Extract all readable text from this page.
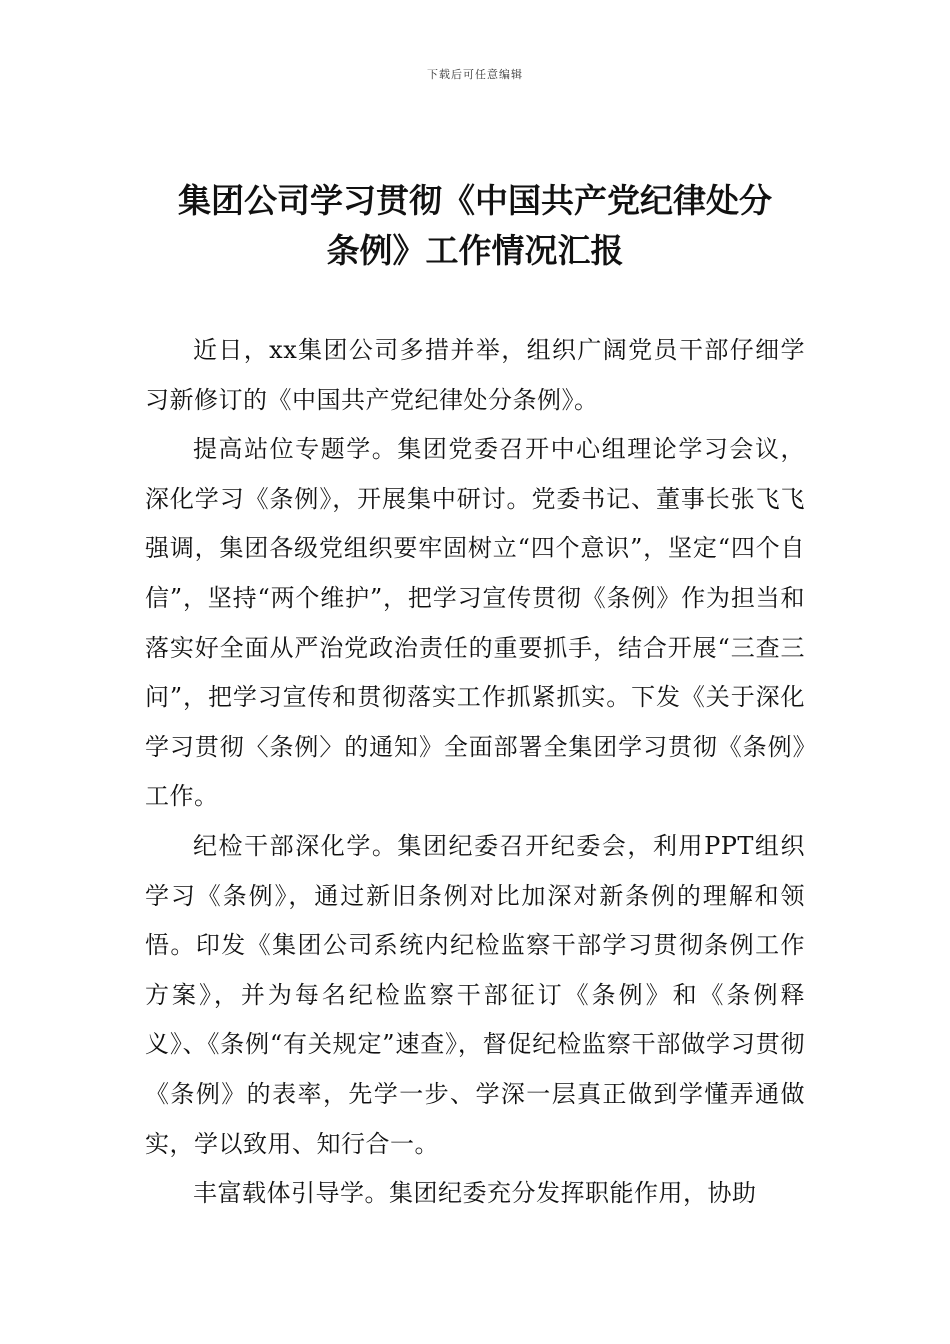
下载后可任意编辑
集团公司学习贯彻《中国共产党纪律处分
条例》工作情况汇报

近日，xx集团公司多措并举，组织广阔党员干部仔细学习新修订的《中国共产党纪律处分条例》。

提高站位专题学。集团党委召开中心组理论学习会议，深化学习《条例》，开展集中研讨。党委书记、董事长张飞飞强调，集团各级党组织要牢固树立“四个意识”，坚定“四个自信”，坚持“两个维护”，把学习宣传贯彻《条例》作为担当和落实好全面从严治党政治责任的重要抓手，结合开展“三查三问”，把学习宣传和贯彻落实工作抓紧抓实。下发《关于深化学习贯彻〈条例〉的通知》全面部署全集团学习贯彻《条例》工作。

纪检干部深化学。集团纪委召开纪委会，利用PPT组织学习《条例》，通过新旧条例对比加深对新条例的理解和领悟。印发《集团公司系统内纪检监察干部学习贯彻条例工作方案》，并为每名纪检监察干部征订《条例》和《条例释义》、《条例“有关规定”速查》，督促纪检监察干部做学习贯彻《条例》的表率，先学一步、学深一层真正做到学懂弄通做实，学以致用、知行合一。

丰富载体引导学。集团纪委充分发挥职能作用，协助
